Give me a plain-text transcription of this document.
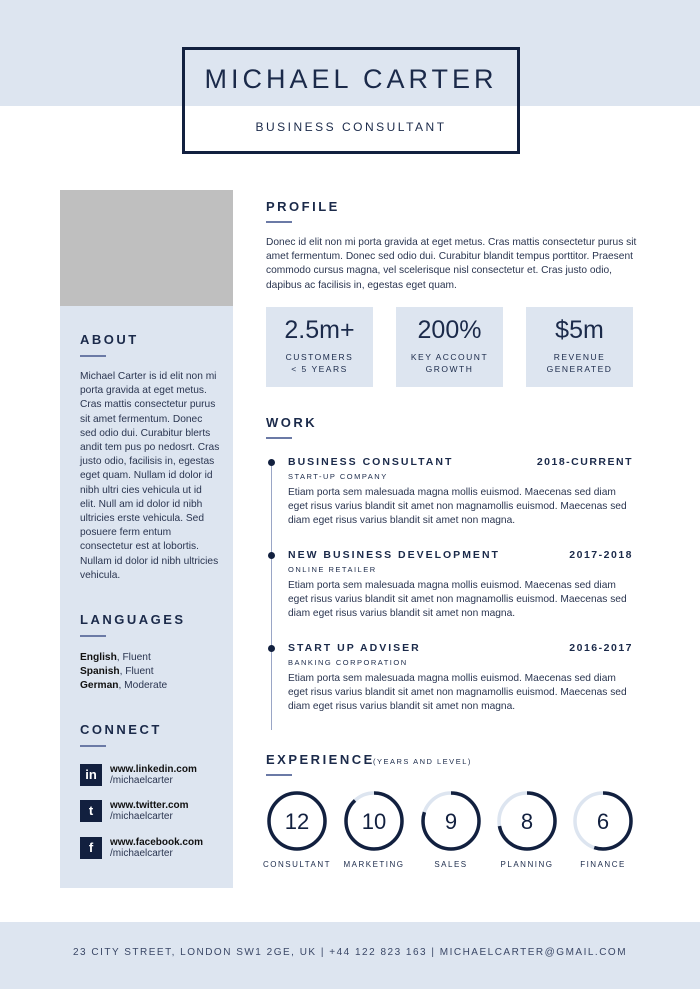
MICHAEL CARTER
BUSINESS CONSULTANT
ABOUT
Michael Carter is id elit non mi porta gravida at eget metus. Cras mattis consectetur purus sit amet fermentum. Donec sed odio dui. Curabitur blerts andit tem pus po nedosrt. Cras justo odio, facilisis in, egestas eget quam. Nullam id dolor id nibh ultri cies vehicula ut id elit. Null am id dolor id nibh ultricies erste vehicula. Sed posuere ferm entum consectetur est at lobortis. Nullam id dolor id nibh ultricies vehicula.
LANGUAGES
English, Fluent
Spanish, Fluent
German, Moderate
CONNECT
in	www.linkedin.com
/michaelcarter
t	www.twitter.com
/michaelcarter
f	www.facebook.com
/michaelcarter
PROFILE
Donec id elit non mi porta gravida at eget metus. Cras mattis consectetur purus sit amet fermentum. Donec sed odio dui. Curabitur blandit tempus porttitor. Praesent commodo cursus magna, vel scelerisque nisl consectetur et. Cras justo odio, dapibus ac facilisis in, egestas eget quam.
2.5m+
CUSTOMERS
< 5 YEARS
200%
KEY ACCOUNT
GROWTH
$5m
REVENUE
GENERATED
WORK
BUSINESS CONSULTANT	2018-CURRENT
START-UP COMPANY
Etiam porta sem malesuada magna mollis euismod. Maecenas sed diam eget risus varius blandit sit amet non magnamollis euismod. Maecenas sed diam eget risus varius blandit sit amet non magna.
NEW BUSINESS DEVELOPMENT	2017-2018
ONLINE RETAILER
Etiam porta sem malesuada magna mollis euismod. Maecenas sed diam eget risus varius blandit sit amet non magnamollis euismod. Maecenas sed diam eget risus varius blandit sit amet non magna.
START UP ADVISER	2016-2017
BANKING CORPORATION
Etiam porta sem malesuada magna mollis euismod. Maecenas sed diam eget risus varius blandit sit amet non magnamollis euismod. Maecenas sed diam eget risus varius blandit sit amet non magna.
EXPERIENCE
(YEARS AND LEVEL)
12
CONSULTANT
10
MARKETING
9
SALES
8
PLANNING
6
FINANCE
23 CITY STREET, LONDON SW1 2GE, UK | +44 122 823 163 | MICHAELCARTER@GMAIL.COM
